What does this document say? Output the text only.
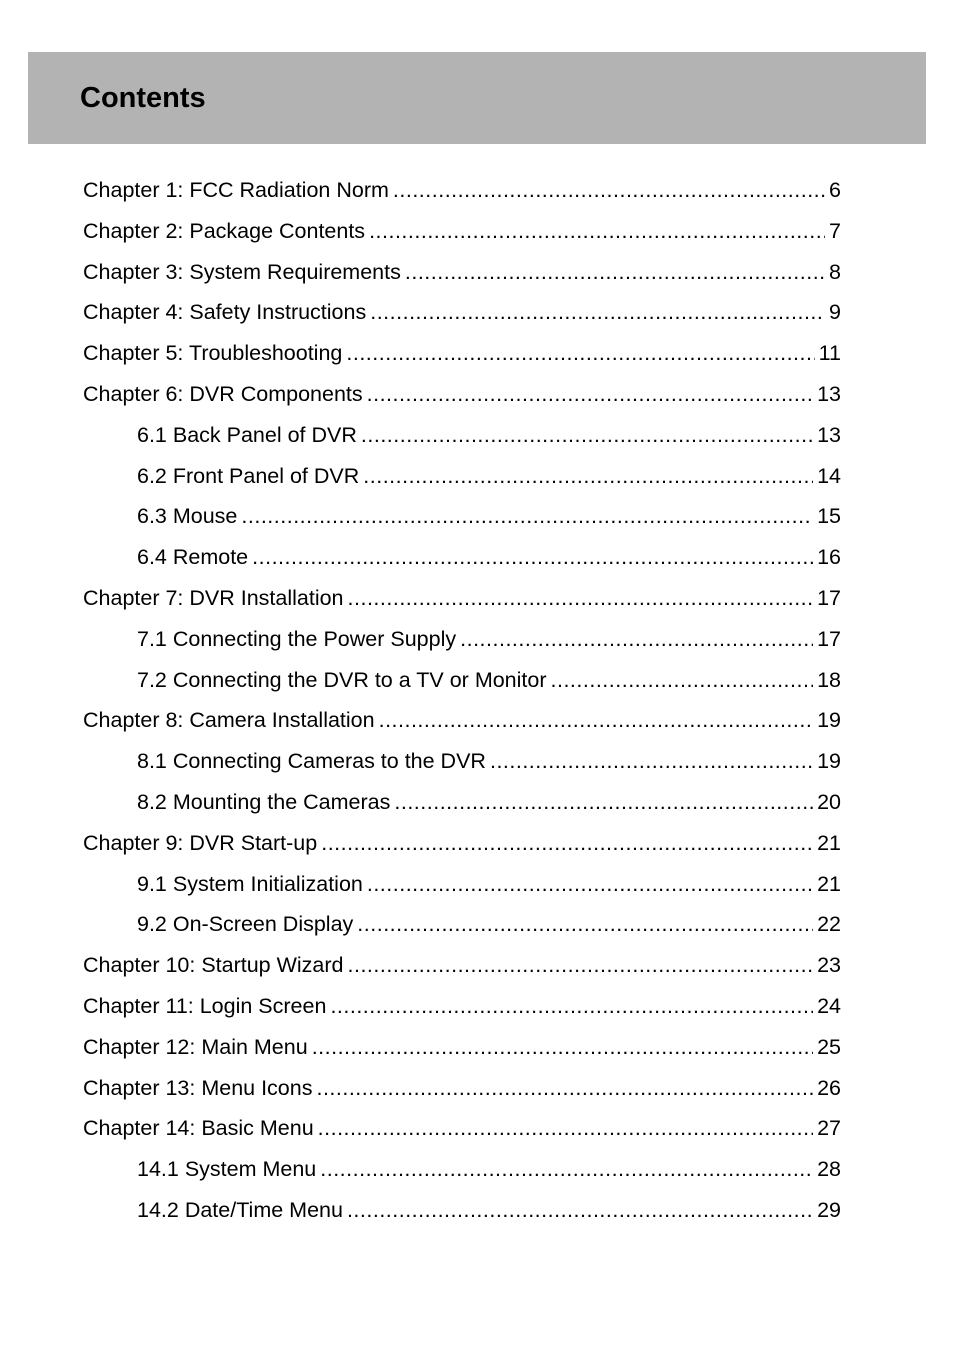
Contents
Chapter 1: FCC Radiation Norm .....	6
Chapter 2: Package Contents .....	7
Chapter 3: System Requirements .....	8
Chapter 4: Safety Instructions .....	9
Chapter 5: Troubleshooting .....	11
Chapter 6: DVR Components .....	13
6.1 Back Panel of DVR .....	13
6.2 Front Panel of DVR .....	14
6.3 Mouse .....	15
6.4 Remote .....	16
Chapter 7: DVR Installation .....	17
7.1 Connecting the Power Supply .....	17
7.2 Connecting the DVR to a TV or Monitor .....	18
Chapter 8: Camera Installation .....	19
8.1 Connecting Cameras to the DVR .....	19
8.2 Mounting the Cameras .....	20
Chapter 9: DVR Start-up .....	21
9.1 System Initialization .....	21
9.2 On-Screen Display .....	22
Chapter 10: Startup Wizard .....	23
Chapter 11: Login Screen .....	24
Chapter 12: Main Menu .....	25
Chapter 13: Menu Icons .....	26
Chapter 14: Basic Menu .....	27
14.1 System Menu .....	28
14.2 Date/Time Menu .....	29
